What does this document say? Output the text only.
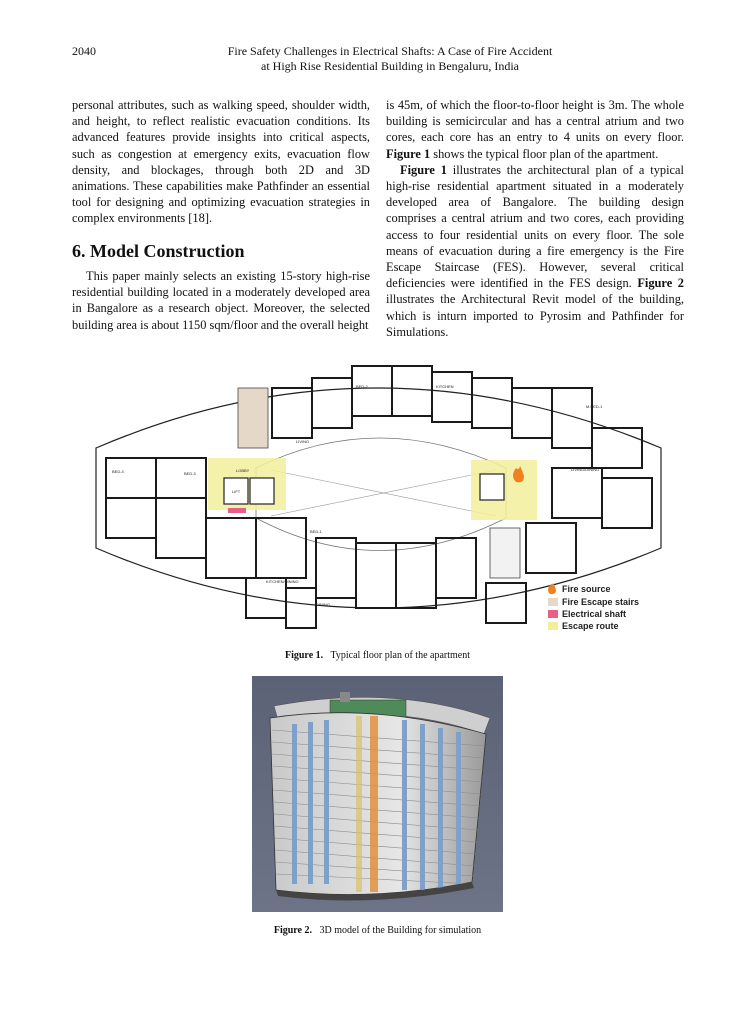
2040	Fire Safety Challenges in Electrical Shafts: A Case of Fire Accident
at High Rise Residential Building in Bengaluru, India

personal attributes, such as walking speed, shoulder width, and height, to reflect realistic evacuation conditions. Its advanced features provide insights into critical aspects, such as congestion at emergency exits, evacuation flow density, and blockages, through both 2D and 3D animations. These capabilities make Pathfinder an essential tool for designing and optimizing evacuation strategies in complex environments [18].

6. Model Construction

This paper mainly selects an existing 15-story high-rise residential building located in a moderately developed area in Bangalore as a research object. Moreover, the selected building area is about 1150 sqm/floor and the overall height

is 45m, of which the floor-to-floor height is 3m. The whole building is semicircular and has a central atrium and two cores, each core has an entry to 4 units on every floor. Figure 1 shows the typical floor plan of the apartment.

Figure 1 illustrates the architectural plan of a typical high-rise residential apartment situated in a moderately developed area of Bangalore. The building design comprises a central atrium and two cores, each providing access to four residential units on every floor. The sole means of evacuation during a fire emergency is the Fire Escape Staircase (FES). However, several critical deficiencies were identified in the FES design. Figure 2 illustrates the Architectural Revit model of the building, which is inturn imported to Pyrosim and Pathfinder for Simulations.

Fire source
Fire Escape stairs
Electrical shaft
Escape route
BED-4	BED-3
KITCHEN
BED-2
BED-1
LIVING
LIVING/DINING
KITCHEN/DINING
M.BED-1
LOBBY
LIFT
DINING
Figure 1. Typical floor plan of the apartment
Figure 2. 3D model of the Building for simulation
